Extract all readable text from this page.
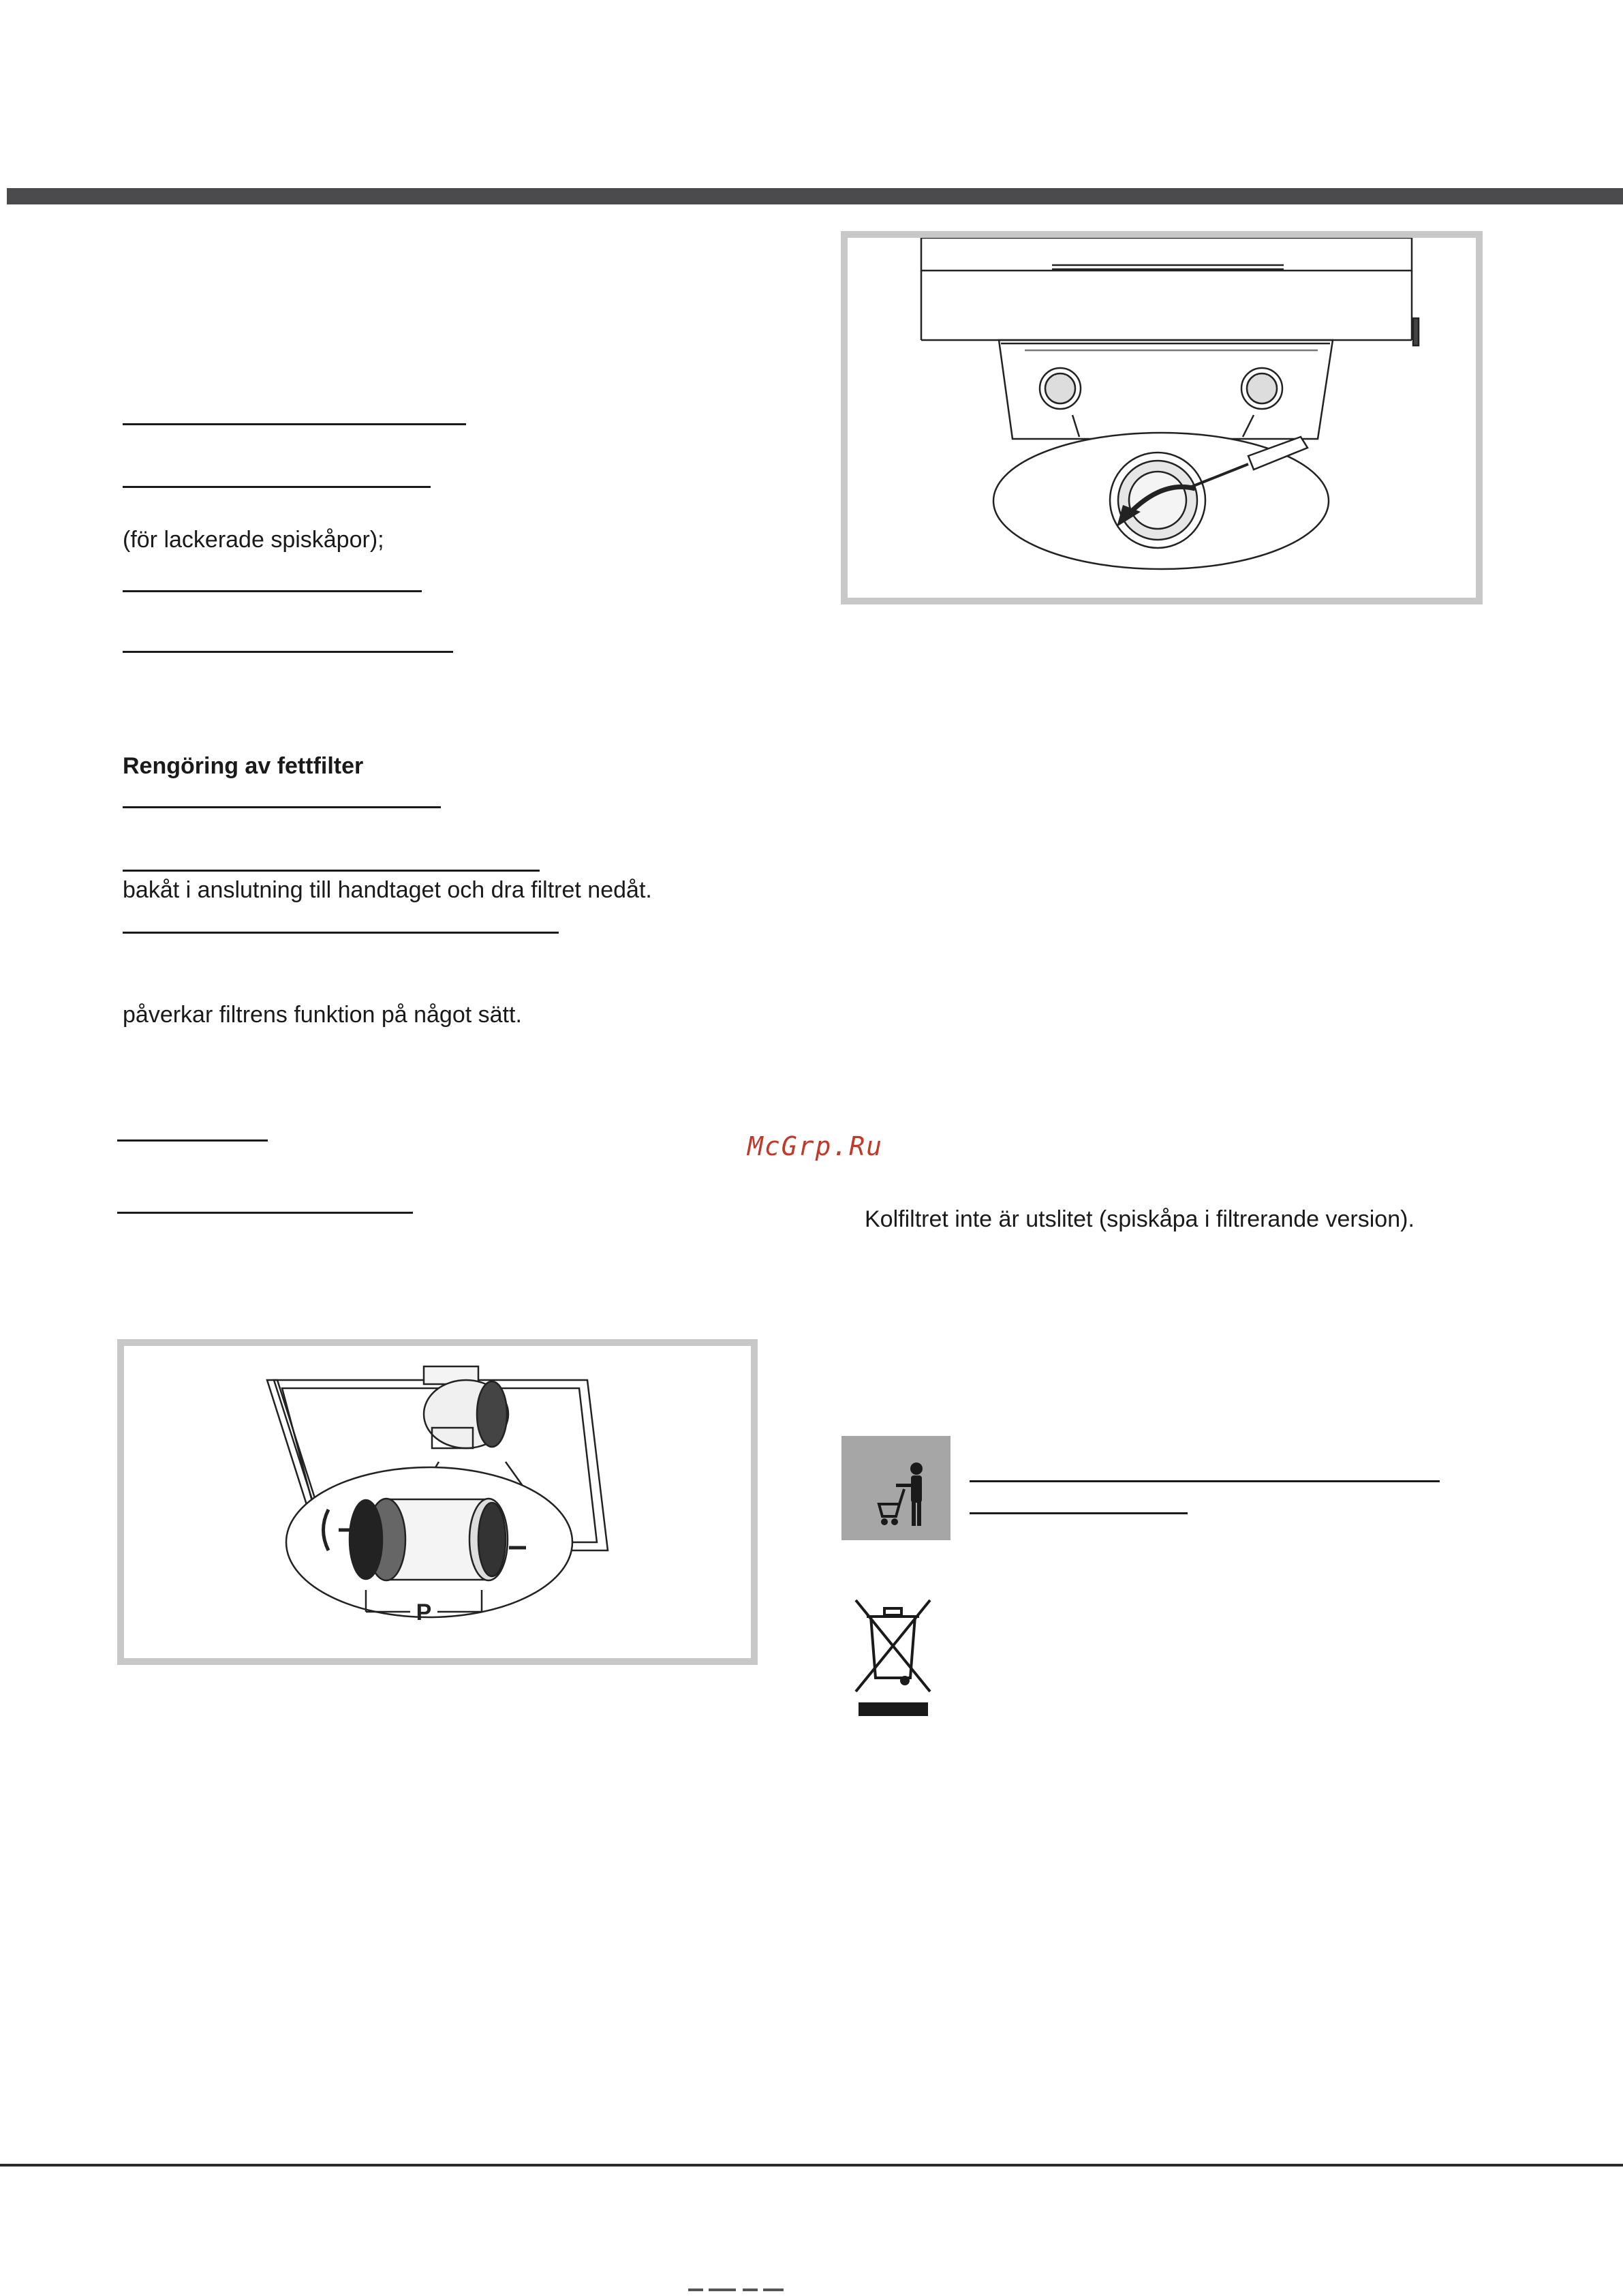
(för lackerade spiskåpor);
Rengöring av fettfilter
bakåt i anslutning till handtaget och dra filtret nedåt.
påverkar filtrens funktion på något sätt.
McGrp.Ru
Kolfiltret inte är utslitet (spiskåpa i filtrerande version).
P
